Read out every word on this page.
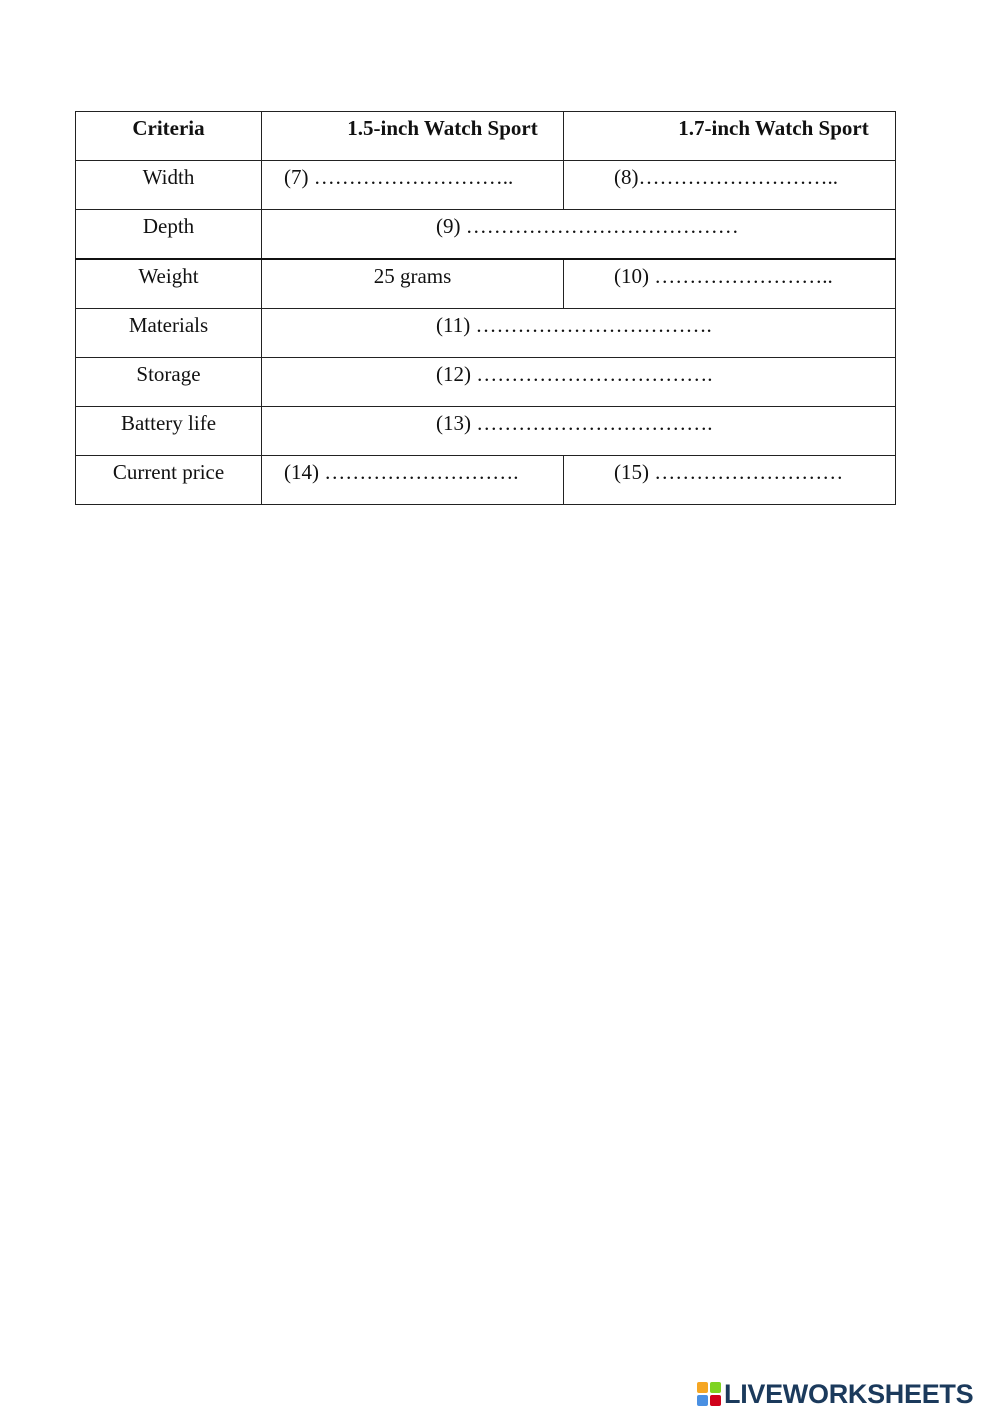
Criteria	1.5-inch Watch Sport	1.7-inch Watch Sport

Width	(7) ………………………..	(8)………………………..

Depth	(9) …………………………………	

Weight	25 grams	(10) ……………………..

Materials	(11) …………………………….	

Storage	(12) …………………………….	

Battery life	(13) …………………………….	

Current price	(14) ……………………….	(15) ………………………
LIVEWORKSHEETS
